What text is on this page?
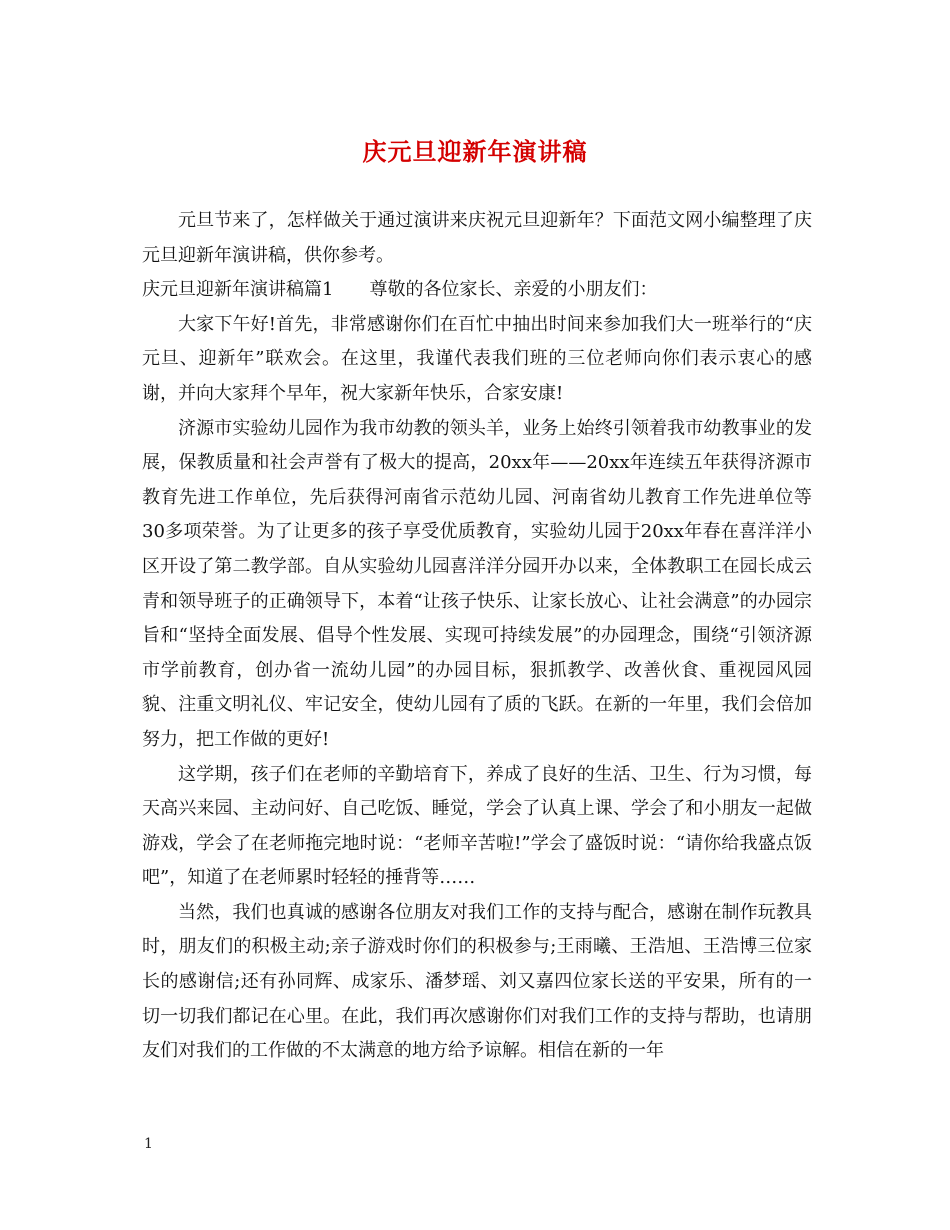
庆元旦迎新年演讲稿

元旦节来了，怎样做关于通过演讲来庆祝元旦迎新年？下面范文网小编整理了庆元旦迎新年演讲稿，供你参考。

庆元旦迎新年演讲稿篇1 尊敬的各位家长、亲爱的小朋友们：

大家下午好!首先，非常感谢你们在百忙中抽出时间来参加我们大一班举行的“庆元旦、迎新年”联欢会。在这里，我谨代表我们班的三位老师向你们表示衷心的感谢，并向大家拜个早年，祝大家新年快乐，合家安康!

济源市实验幼儿园作为我市幼教的领头羊，业务上始终引领着我市幼教事业的发展，保教质量和社会声誉有了极大的提高，20xx年——20xx年连续五年获得济源市教育先进工作单位，先后获得河南省示范幼儿园、河南省幼儿教育工作先进单位等30多项荣誉。为了让更多的孩子享受优质教育，实验幼儿园于20xx年春在喜洋洋小区开设了第二教学部。自从实验幼儿园喜洋洋分园开办以来，全体教职工在园长成云青和领导班子的正确领导下，本着“让孩子快乐、让家长放心、让社会满意”的办园宗旨和“坚持全面发展、倡导个性发展、实现可持续发展”的办园理念，围绕“引领济源市学前教育，创办省一流幼儿园”的办园目标，狠抓教学、改善伙食、重视园风园貌、注重文明礼仪、牢记安全，使幼儿园有了质的飞跃。在新的一年里，我们会倍加努力，把工作做的更好!

这学期，孩子们在老师的辛勤培育下，养成了良好的生活、卫生、行为习惯，每天高兴来园、主动问好、自己吃饭、睡觉，学会了认真上课、学会了和小朋友一起做游戏，学会了在老师拖完地时说：“老师辛苦啦!”学会了盛饭时说：“请你给我盛点饭吧”，知道了在老师累时轻轻的捶背等……

当然，我们也真诚的感谢各位朋友对我们工作的支持与配合，感谢在制作玩教具时，朋友们的积极主动;亲子游戏时你们的积极参与;王雨曦、王浩旭、王浩博三位家长的感谢信;还有孙同辉、成家乐、潘梦瑶、刘又嘉四位家长送的平安果，所有的一切一切我们都记在心里。在此，我们再次感谢你们对我们工作的支持与帮助，也请朋友们对我们的工作做的不太满意的地方给予谅解。相信在新的一年

1
